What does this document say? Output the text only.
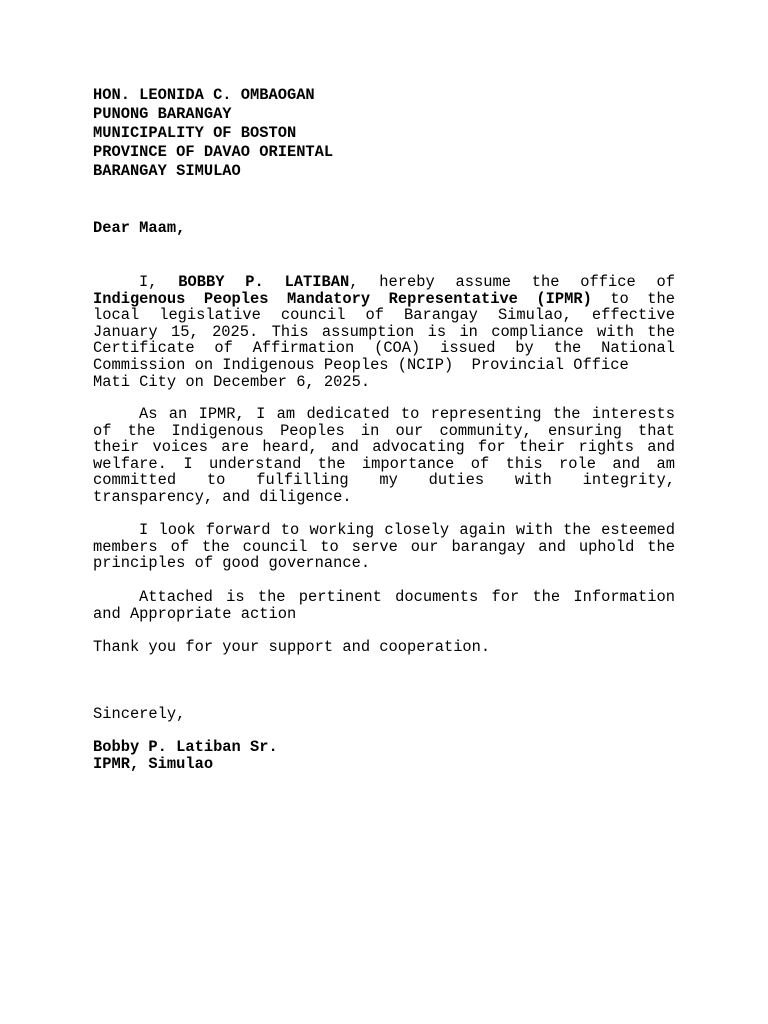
HON. LEONIDA C. OMBAOGAN
PUNONG BARANGAY
MUNICIPALITY OF BOSTON
PROVINCE OF DAVAO ORIENTAL
BARANGAY SIMULAO
Dear Maam,
I, BOBBY P. LATIBAN, hereby assume the office of
Indigenous Peoples Mandatory Representative (IPMR) to the
local legislative council of Barangay Simulao, effective
January 15, 2025. This assumption is in compliance with the
Certificate of Affirmation (COA) issued by the National
Commission on Indigenous Peoples (NCIP)  Provincial Office
Mati City on December 6, 2025.
As an IPMR, I am dedicated to representing the interests
of the Indigenous Peoples in our community, ensuring that
their voices are heard, and advocating for their rights and
welfare. I understand the importance of this role and am
committed to fulfilling my duties with integrity,
transparency, and diligence.
I look forward to working closely again with the esteemed
members of the council to serve our barangay and uphold the
principles of good governance.
Attached is the pertinent documents for the Information
and Appropriate action
Thank you for your support and cooperation.
Sincerely,
Bobby P. Latiban Sr.
IPMR, Simulao
